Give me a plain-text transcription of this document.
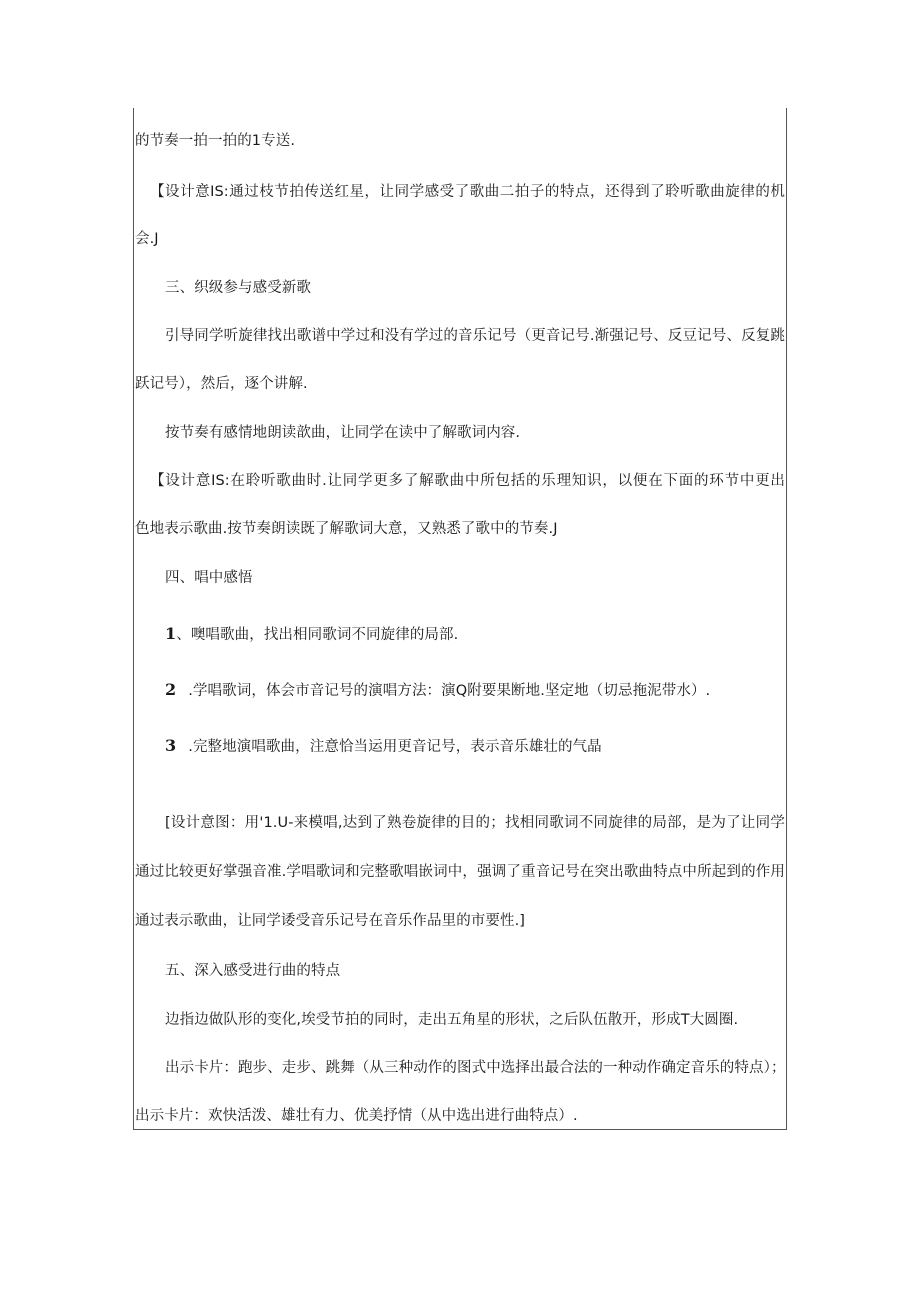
的节奏一拍一拍的1专送.
【设计意IS:通过枝节拍传送红星，让同学感受了歌曲二拍子的特点，还得到了聆听歌曲旋律的机
会.J
三、织级参与感受新歌
引导同学听旋律找出歌谱中学过和没有学过的音乐记号（更音记号.渐强记号、反豆记号、反复跳
跃记号），然后，逐个讲解.
按节奏有感情地朗读歆曲，让同学在读中了解歌词内容.
【设计意IS:在聆听歌曲时.让同学更多了解歌曲中所包括的乐理知识，以便在下面的环节中更出
色地表示歌曲.按节奏朗读既了解歌词大意，又熟悉了歌中的节奏.J
四、唱中感悟
1、噢唱歌曲，找出相同歌词不同旋律的局部.
2 .学唱歌词，体会市音记号的演唱方法：演Q附要果断地.坚定地（切忌拖泥带水）.
3 .完整地演唱歌曲，注意恰当运用更音记号，表示音乐雄壮的气晶
[设计意图：用'1.U-来模唱,达到了熟卷旋律的目的；找相同歌词不同旋律的局部，是为了让同学
通过比较更好掌强音准.学唱歌词和完整歌唱嵌词中，强调了重音记号在突出歌曲特点中所起到的作用
通过表示歌曲，让同学诿受音乐记号在音乐作品里的市要性.]
五、深入感受进行曲的特点
边指边做队形的变化,埃受节拍的同时，走出五角星的形状，之后队伍散开，形成T大圆圈.
出示卡片：跑步、走步、跳舞（从三种动作的图式中选择出最合法的一种动作确定音乐的特点）；
出示卡片：欢快活泼、雄壮有力、优美抒情（从中选出进行曲特点）.
